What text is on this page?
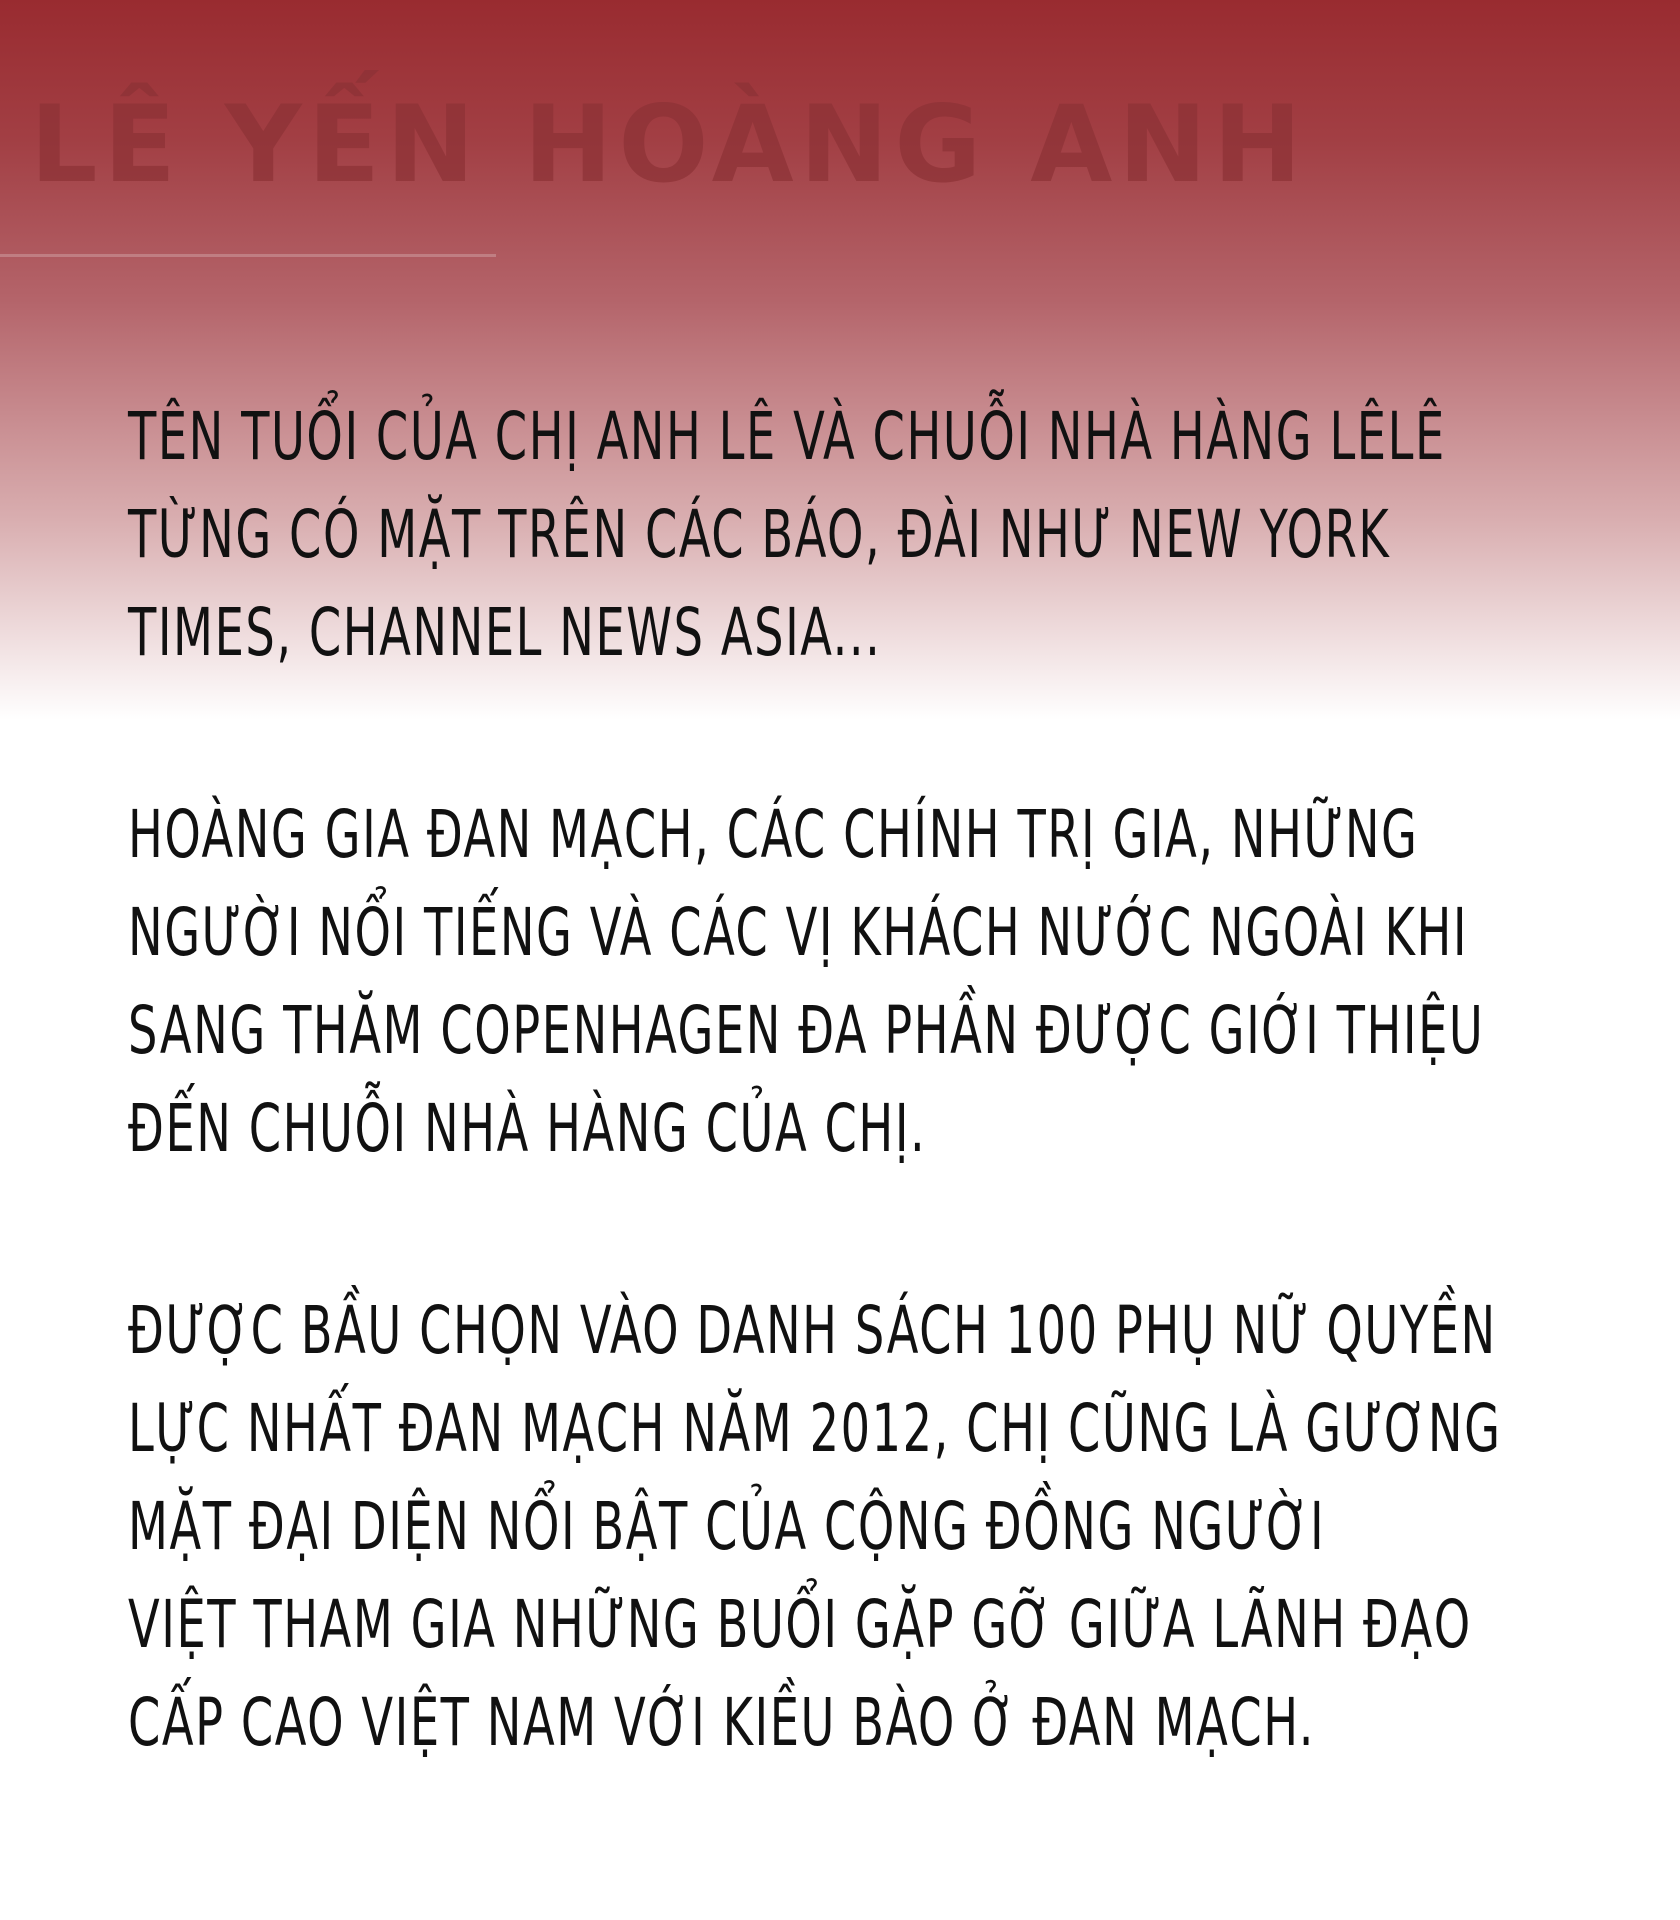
LÊ YẾN HOÀNG ANH

TÊN TUỔI CỦA CHỊ ANH LÊ VÀ CHUỖI NHÀ HÀNG LÊLÊ
TỪNG CÓ MẶT TRÊN CÁC BÁO, ĐÀI NHƯ NEW YORK
TIMES, CHANNEL NEWS ASIA...

HOÀNG GIA ĐAN MẠCH, CÁC CHÍNH TRỊ GIA, NHỮNG
NGƯỜI NỔI TIẾNG VÀ CÁC VỊ KHÁCH NƯỚC NGOÀI KHI
SANG THĂM COPENHAGEN ĐA PHẦN ĐƯỢC GIỚI THIỆU
ĐẾN CHUỖI NHÀ HÀNG CỦA CHỊ.

ĐƯỢC BẦU CHỌN VÀO DANH SÁCH 100 PHỤ NỮ QUYỀN
LỰC NHẤT ĐAN MẠCH NĂM 2012, CHỊ CŨNG LÀ GƯƠNG
MẶT ĐẠI DIỆN NỔI BẬT CỦA CỘNG ĐỒNG NGƯỜI
VIỆT THAM GIA NHỮNG BUỔI GẶP GỠ GIỮA LÃNH ĐẠO
CẤP CAO VIỆT NAM VỚI KIỀU BÀO Ở ĐAN MẠCH.
